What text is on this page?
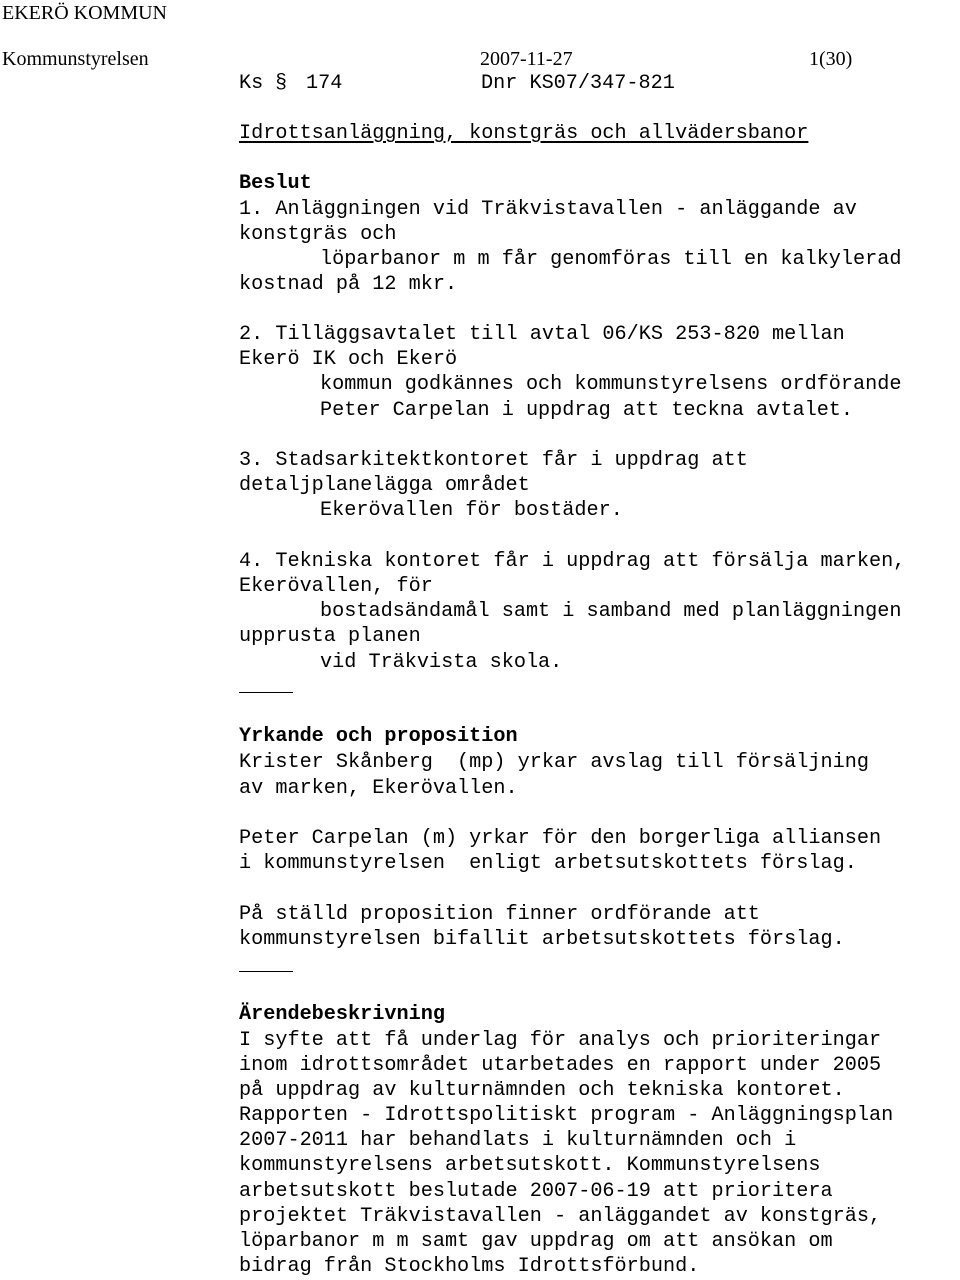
EKERÖ KOMMUN
Kommunstyrelsen	2007-11-27	1(30)
Ks § 174	Dnr KS07/347-821
Idrottsanläggning, konstgräs och allvädersbanor
Beslut
1. Anläggningen vid Träkvistavallen - anläggande av
konstgräs och
löparbanor m m får genomföras till en kalkylerad
kostnad på 12 mkr.
2. Tilläggsavtalet till avtal 06/KS 253-820 mellan
Ekerö IK och Ekerö
kommun godkännes och kommunstyrelsens ordförande
Peter Carpelan i uppdrag att teckna avtalet.
3. Stadsarkitektkontoret får i uppdrag att
detaljplanelägga området
Ekerövallen för bostäder.
4. Tekniska kontoret får i uppdrag att försälja marken,
Ekerövallen, för
bostadsändamål samt i samband med planläggningen
upprusta planen
vid Träkvista skola.
Yrkande och proposition
Krister Skånberg  (mp) yrkar avslag till försäljning
av marken, Ekerövallen.
Peter Carpelan (m) yrkar för den borgerliga alliansen
i kommunstyrelsen  enligt arbetsutskottets förslag.
På ställd proposition finner ordförande att
kommunstyrelsen bifallit arbetsutskottets förslag.
Ärendebeskrivning
I syfte att få underlag för analys och prioriteringar
inom idrottsområdet utarbetades en rapport under 2005
på uppdrag av kulturnämnden och tekniska kontoret.
Rapporten - Idrottspolitiskt program - Anläggningsplan
2007-2011 har behandlats i kulturnämnden och i
kommunstyrelsens arbetsutskott. Kommunstyrelsens
arbetsutskott beslutade 2007-06-19 att prioritera
projektet Träkvistavallen - anläggandet av konstgräs,
löparbanor m m samt gav uppdrag om att ansökan om
bidrag från Stockholms Idrottsförbund.
